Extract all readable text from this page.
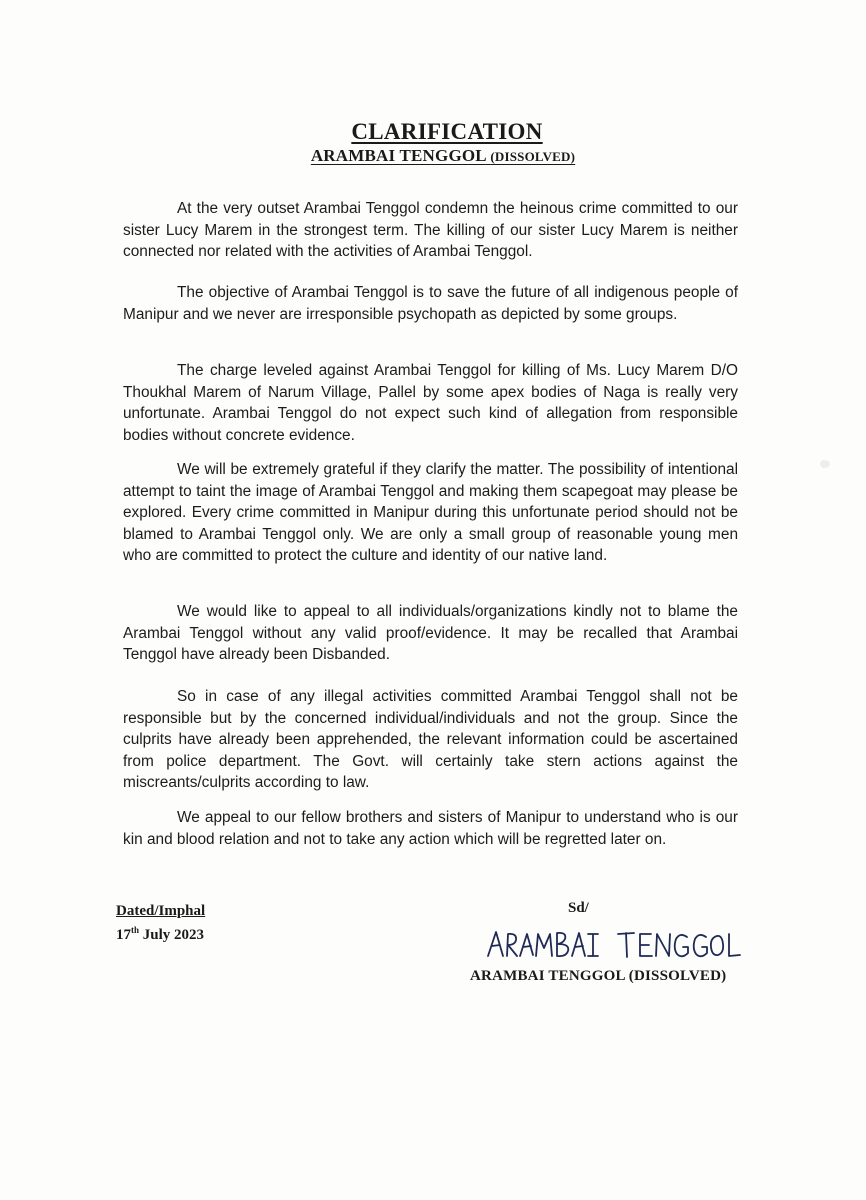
CLARIFICATION
ARAMBAI TENGGOL (DISSOLVED)

At the very outset Arambai Tenggol condemn the heinous crime committed to our sister Lucy Marem in the strongest term. The killing of our sister Lucy Marem is neither connected nor related with the activities of Arambai Tenggol.

The objective of Arambai Tenggol is to save the future of all indigenous people of Manipur and we never are irresponsible psychopath as depicted by some groups.

The charge leveled against Arambai Tenggol for killing of Ms. Lucy Marem D/O Thoukhal Marem of Narum Village, Pallel by some apex bodies of Naga is really very unfortunate. Arambai Tenggol do not expect such kind of allegation from responsible bodies without concrete evidence.

We will be extremely grateful if they clarify the matter. The possibility of intentional attempt to taint the image of Arambai Tenggol and making them scapegoat may please be explored. Every crime committed in Manipur during this unfortunate period should not be blamed to Arambai Tenggol only. We are only a small group of reasonable young men who are committed to protect the culture and identity of our native land.

We would like to appeal to all individuals/organizations kindly not to blame the Arambai Tenggol without any valid proof/evidence. It may be recalled that Arambai Tenggol have already been Disbanded.

So in case of any illegal activities committed Arambai Tenggol shall not be responsible but by the concerned individual/individuals and not the group. Since the culprits have already been apprehended, the relevant information could be ascertained from police department. The Govt. will certainly take stern actions against the miscreants/culprits according to law.

We appeal to our fellow brothers and sisters of Manipur to understand who is our kin and blood relation and not to take any action which will be regretted later on.

Dated/Imphal
17th July 2023
Sd/
ARAMBAI TENGGOL (DISSOLVED)
